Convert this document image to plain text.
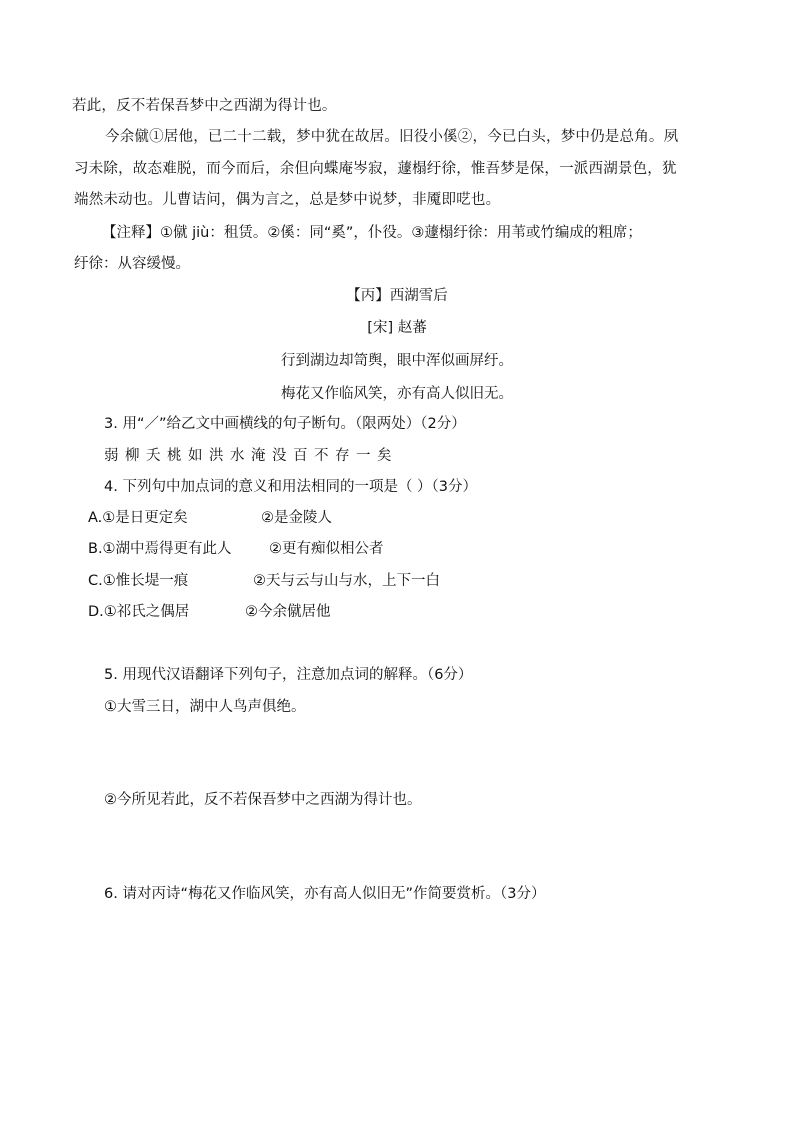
若此，反不若保吾梦中之西湖为得计也。
今余僦①居他，已二十二载，梦中犹在故居。旧役小傒②，今已白头，梦中仍是总角。夙
习未除，故态难脱，而今而后，余但向蝶庵岑寂，蘧榻纡徐，惟吾梦是保，一派西湖景色，犹
端然未动也。儿曹诘问，偶为言之，总是梦中说梦，非魇即呓也。
【注释】①僦 jiù：租赁。②傒：同“奚”，仆役。③蘧榻纡徐：用苇或竹编成的粗席；
纡徐：从容缓慢。
【丙】西湖雪后
[宋] 赵蕃
行到湖边却笥舆，眼中浑似画屏纡。
梅花又作临风笑，亦有高人似旧无。
3. 用“／”给乙文中画横线的句子断句。（限两处）（2分）
弱柳夭桃如洪水淹没百不存一矣
4. 下列句中加点词的意义和用法相同的一项是（ ）（3分）
A.①是日更定矣	②是金陵人
B.①湖中焉得更有此人	②更有痴似相公者
C.①惟长堤一痕	②天与云与山与水，上下一白
D.①祁氏之偶居	②今余僦居他
5. 用现代汉语翻译下列句子，注意加点词的解释。（6分）
①大雪三日，湖中人鸟声俱绝。
②今所见若此，反不若保吾梦中之西湖为得计也。
6. 请对丙诗“梅花又作临风笑，亦有高人似旧无”作简要赏析。（3分）
